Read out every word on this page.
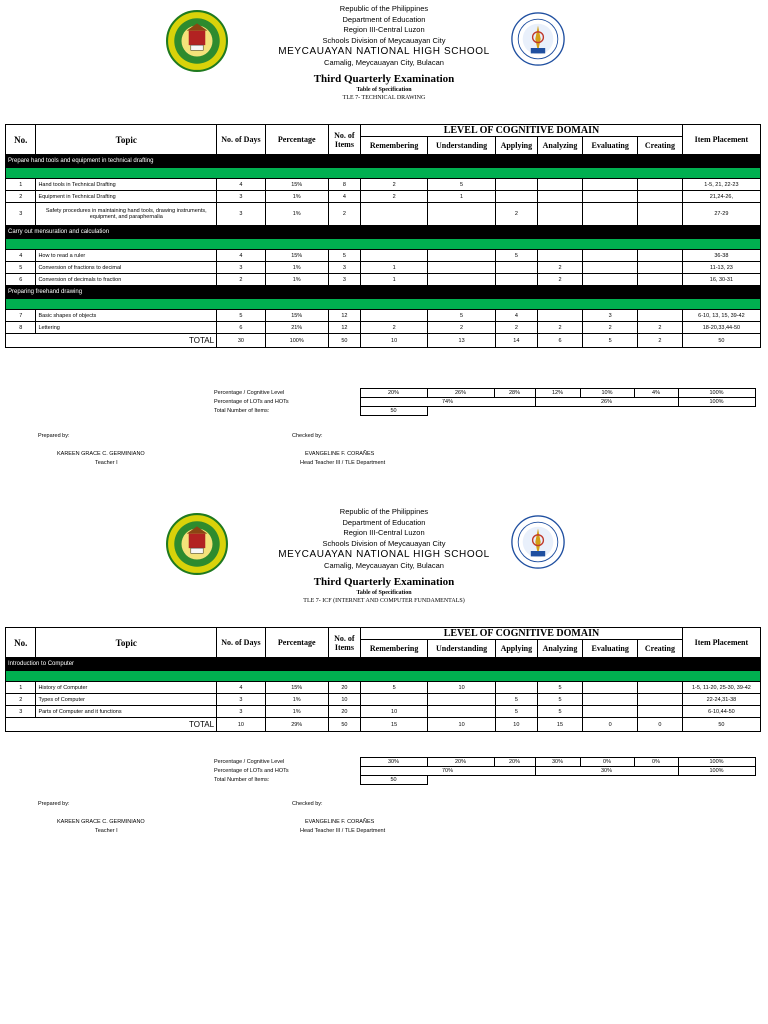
Republic of the Philippines
Department of Education
Region III-Central Luzon
Schools Division of Meycauayan City
MEYCAUAYAN NATIONAL HIGH SCHOOL
Camalig, Meycauayan City, Bulacan
Third Quarterly Examination
Table of Specification
TLE 7- TECHNICAL DRAWING
No.	Topic	No. of Days	Percentage	No. of Items	LEVEL OF COGNITIVE DOMAIN						Item Placement
					Remembering	Understanding	Applying	Analyzing	Evaluating	Creating	
Prepare hand tools and equipment in technical drafting											

1	Hand tools in Technical Drafting	4	15%	8	2	5					1-5, 21, 22-23
2	Equipment in Technical Drafting	3	1%	4	2	1					21,24-26,
3	Safety procedures in maintaining hand tools, drawing instruments, equipment, and paraphernalia	3	1%	2			2				27-29
Carry out mensuration and calculation											

4	How to read a ruler	4	15%	5			5				36-38
5	Conversion of fractions to decimal	3	1%	3	1			2			11-13, 23
6	Conversion of decimals to fraction	2	1%	3	1			2			16, 30-31
Preparing freehand drawing											

7	Basic shapes of objects	5	15%	12		5	4		3		6-10, 13, 15, 39-42
8	Lettering	6	21%	12	2	2	2	2	2	2	18-20,33,44-50
TOTAL		30	100%	50	10	13	14	6	5	2	50
Percentage / Cognitive Level	20%	26%	28%	12%	10%	4%	100%
Percentage of LOTs and HOTs	74%			26%			100%
Total Number of Items:	50						
Prepared by:	Checked by:
KAREEN GRACE C. GERMINIANO
Teacher I
EVANGELINE F. CORAÑES
Head Teacher III / TLE Department
Republic of the Philippines
Department of Education
Region III-Central Luzon
Schools Division of Meycauayan City
MEYCAUAYAN NATIONAL HIGH SCHOOL
Camalig, Meycauayan City, Bulacan
Third Quarterly Examination
Table of Specification
TLE 7- ICF (INTERNET AND COMPUTER FUNDAMENTALS)
No.	Topic	No. of Days	Percentage	No. of Items	LEVEL OF COGNITIVE DOMAIN						Item Placement
					Remembering	Understanding	Applying	Analyzing	Evaluating	Creating	
Introduction to Computer											

1	History of Computer	4	15%	20	5	10		5			1-5, 11-20, 25-30, 39-42
2	Types of Computer	3	1%	10			5	5			22-24,31-38
3	Parts of Computer and it functions	3	1%	20	10		5	5			6-10,44-50
TOTAL		10	29%	50	15	10	10	15	0	0	50
Percentage / Cognitive Level	30%	20%	20%	30%	0%	0%	100%
Percentage of LOTs and HOTs	70%			30%			100%
Total Number of Items:	50						
Prepared by:	Checked by:
KAREEN GRACE C. GERMINIANO
Teacher I
EVANGELINE F. CORAÑES
Head Teacher III / TLE Department
